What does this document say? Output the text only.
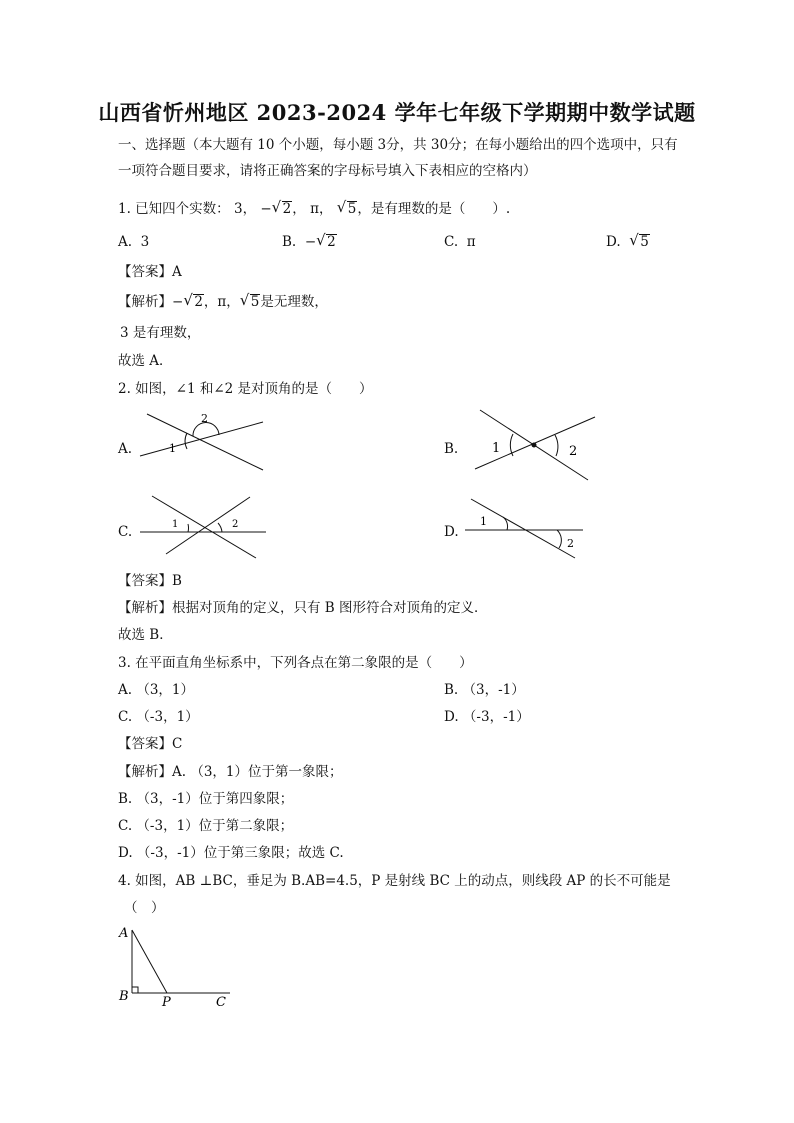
山西省忻州地区 2023-2024 学年七年级下学期期中数学试题
一、选择题（本大题有 10 个小题，每小题 3分，共 30分；在每小题给出的四个选项中，只有一项符合题目要求，请将正确答案的字母标号填入下表相应的空格内）
1. 已知四个实数： 3， − √ 2， π， √ 5，是有理数的是（　　）.
A. 3	B. − √ 2	C. π	D. √ 5
【答案】A
【解析】− √ 2，π， √ 5是无理数，
3 是有理数，
故选 A．
2. 如图，∠1 和∠2 是对顶角的是（　　）
A.	1
2
B.	1	2
C.	1	2	D.
1
2
【答案】B
【解析】根据对顶角的定义，只有 B 图形符合对顶角的定义．
故选 B．
3. 在平面直角坐标系中，下列各点在第二象限的是（　　）
A. （3，1）	B. （3，-1）
C. （-3，1）	D. （-3，-1）
【答案】C
【解析】A. （3，1）位于第一象限；
B. （3，-1）位于第四象限；
C. （-3，1）位于第二象限；
D. （-3，-1）位于第三象限；故选 C.
4. 如图，AB ⊥BC，垂足为 B.AB=4.5，P 是射线 BC 上的动点，则线段 AP 的长不可能是
（　）
A
B	P	C
